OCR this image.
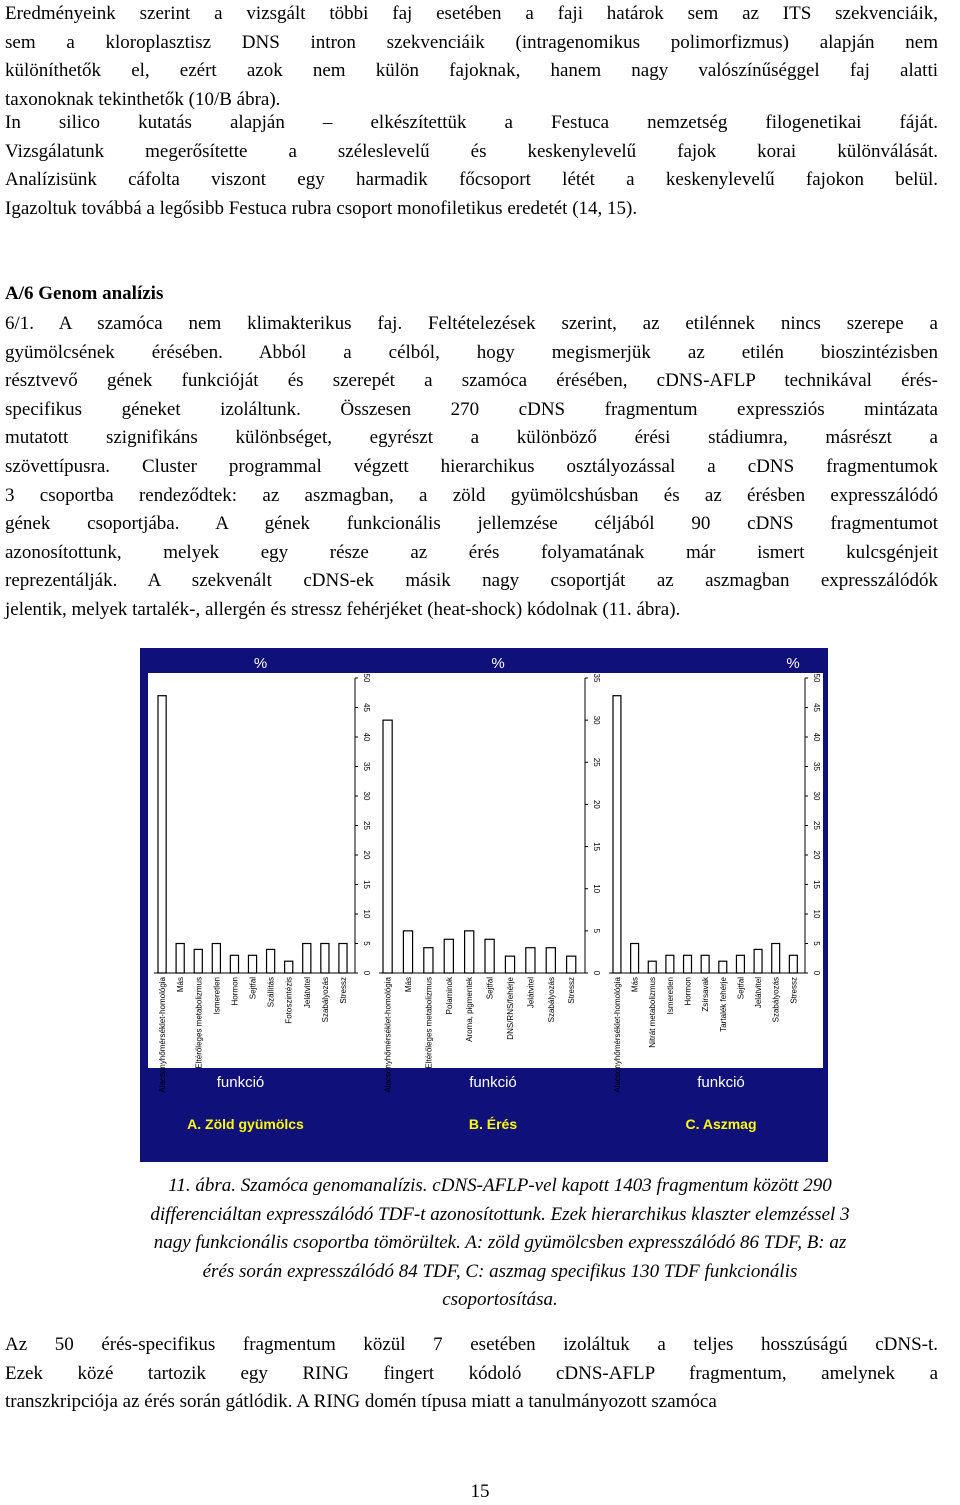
Eredményeink szerint a vizsgált többi faj esetében a faji határok sem az ITS szekvenciáik,
sem a kloroplasztisz DNS intron szekvenciáik (intragenomikus polimorfizmus) alapján nem
különíthetők el, ezért azok nem külön fajoknak, hanem nagy valószínűséggel faj alatti
taxonoknak tekinthetők (10/B ábra).

In silico kutatás alapján – elkészítettük a Festuca nemzetség filogenetikai fáját.
Vizsgálatunk megerősítette a széleslevelű és keskenylevelű fajok korai különválását.
Analízisünk cáfolta viszont egy harmadik főcsoport létét a keskenylevelű fajokon belül.
Igazoltuk továbbá a legősibb Festuca rubra csoport monofiletikus eredetét (14, 15).

A/6 Genom analízis

6/1. A szamóca nem klimakterikus faj. Feltételezések szerint, az etilénnek nincs szerepe a
gyümölcsének érésében. Abból a célból, hogy megismerjük az etilén bioszintézisben
résztvevő gének funkcióját és szerepét a szamóca érésében, cDNS-AFLP technikával érés-
specifikus géneket izoláltunk. Összesen 270 cDNS fragmentum expressziós mintázata
mutatott szignifikáns különbséget, egyrészt a különböző érési stádiumra, másrészt a
szövettípusra. Cluster programmal végzett hierarchikus osztályozással a cDNS fragmentumok
3 csoportba rendeződtek: az aszmagban, a zöld gyümölcshúsban és az érésben expresszálódó
gének csoportjába. A gének funkcionális jellemzése céljából 90 cDNS fragmentumot
azonosítottunk, melyek egy része az érés folyamatának már ismert kulcsgénjeit
reprezentálják. A szekvenált cDNS-ek másik nagy csoportját az aszmagban expresszálódók
jelentik, melyek tartalék-, allergén és stressz fehérjéket (heat-shock) kódolnak (11. ábra).

0
5
10
15
20
25
30
35
40
45
50
Alacsonyhőmérséklet-homológia Más Eltérőleges metabolizmus Ismeretlen Hormon Sejtfal Szállítás Fotoszintézis Jelátvitel Szabályozás Stressz
%
funkció
A. Zöld gyümölcs
0
5
10
15
20
25
30
35
Alacsonyhőmérséklet-homológia Más Eltérőleges metabolizmus Polaminok Aroma, pigmentek Sejtfal DNS/RNS/fehérje Jelátvitel Szabályozás Stressz
%
funkció
B. Érés
0
5
10
15
20
25
30
35
40
45
50
Alacsonyhőmérséklet-homológia Más Nitrát metabolizmus Ismeretlen Hormon Zsírsavak Tartalék fehérje Sejtfal Jelátvitel Szabályozás Stressz
%
funkció
C. Aszmag

11. ábra. Szamóca genomanalízis. cDNS-AFLP-vel kapott 1403 fragmentum között 290
differenciáltan expresszálódó TDF-t azonosítottunk. Ezek hierarchikus klaszter elemzéssel 3
nagy funkcionális csoportba tömörültek. A: zöld gyümölcsben expresszálódó 86 TDF, B: az
érés során expresszálódó 84 TDF, C: aszmag specifikus 130 TDF funkcionális
csoportosítása.

Az 50 érés-specifikus fragmentum közül 7 esetében izoláltuk a teljes hosszúságú cDNS-t.
Ezek közé tartozik egy RING fingert kódoló cDNS-AFLP fragmentum, amelynek a
transzkripciója az érés során gátlódik. A RING domén típusa miatt a tanulmányozott szamóca

15
